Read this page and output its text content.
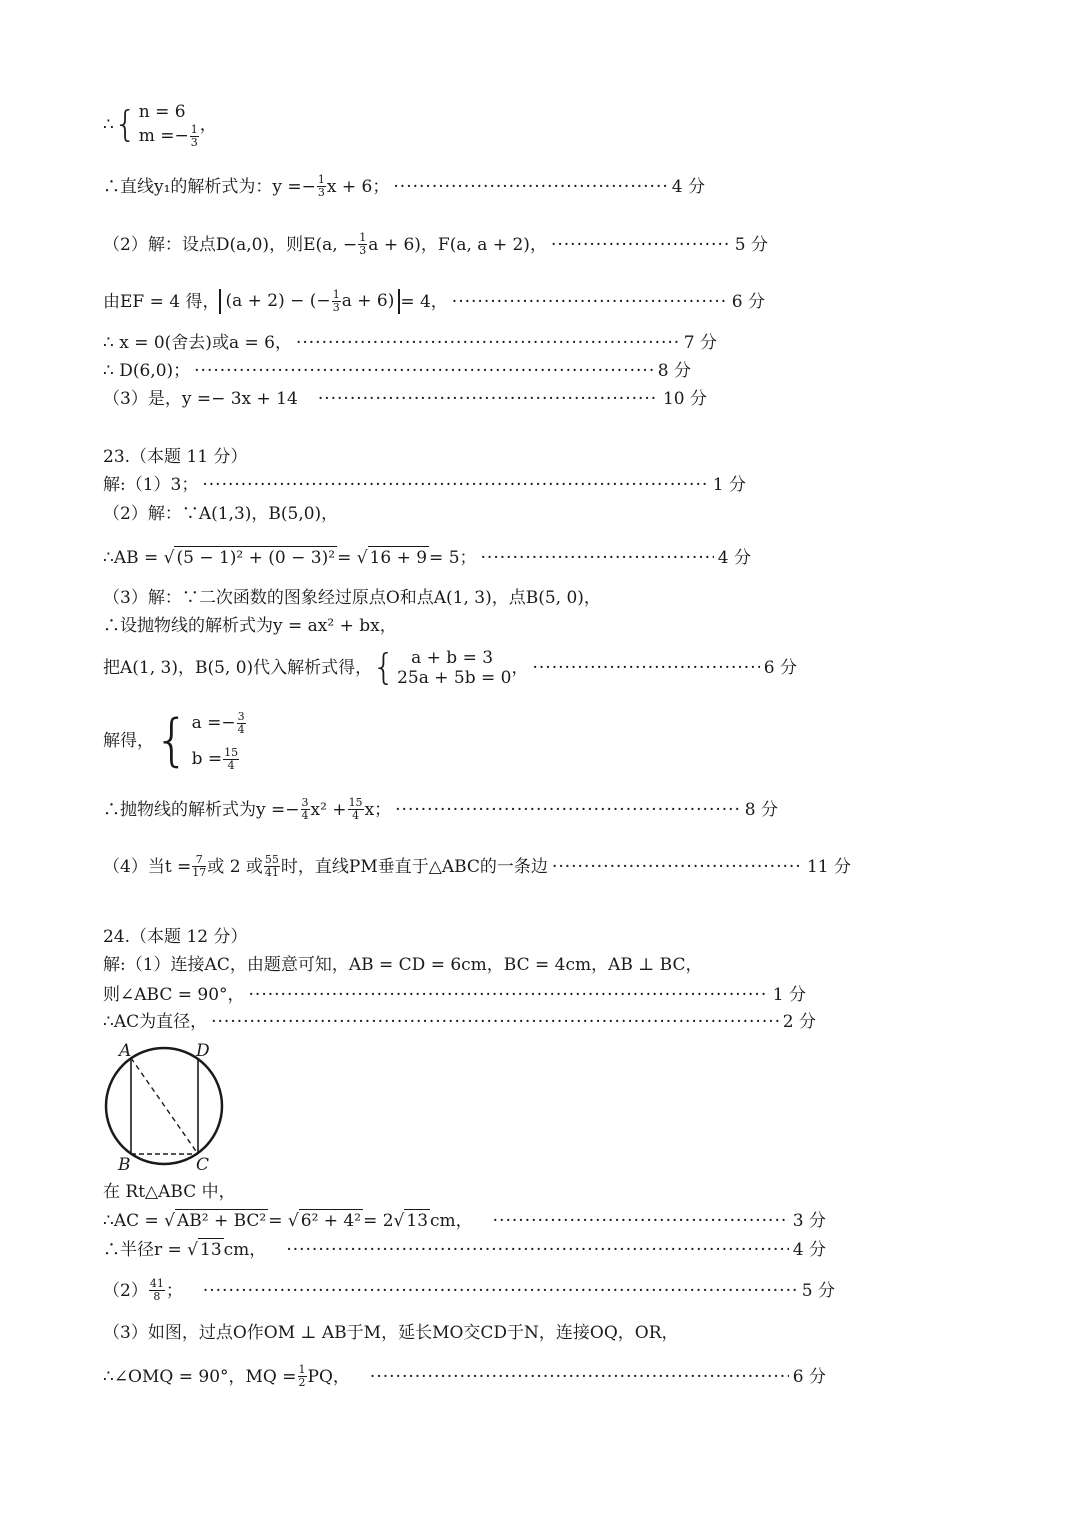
∴ { n = 6
$m =- \frac{1}{3}$ ，
∴直线y₁的解析式为：$y =- \frac{1}{3}$ x + 6； ·····	4 分
（2）解：设点D(a,0)，则E(a, − $\frac{1}{3}$ a + 6)，F(a, a + 2)， ·····	5 分
由EF = 4 得， (a + 2) − (− $\frac{1}{3}$ a + 6) = 4， ·····	6 分
∴ x = 0(舍去)或a = 6， ·····	7 分
∴ D(6,0)； ·····	8 分
（3）是，y =− 3x + 14 ·····	10 分
23.（本题 11 分）
解:（1）3； ·····	1 分
（2）解：∵A(1,3)，B(5,0)，
∴AB = √ (5 − 1)² + (0 − 3)² = √ 16 + 9 = 5； ·····	4 分
（3）解：∵二次函数的图象经过原点O和点A(1, 3)，点B(5, 0)，
∴设抛物线的解析式为y = ax² + bx，
把A(1, 3)，B(5, 0)代入解析式得， { a + b = 3
25a + 5b = 0 ， ·····	6 分
解得， { $a =- \frac{3}{4}$
$b = \frac{15}{4}$
∴抛物线的解析式为$y =- \frac{3}{4} x^2 + \frac{15}{4}$ x； ·····	8 分
（4）当$t = \frac{7}{17}$ 或 2 或 $\frac{55}{41}$ 时，直线PM垂直于△ABC的一条边 ·····	11 分
24.（本题 12 分）
解:（1）连接AC，由题意可知，AB = CD = 6cm，BC = 4cm，AB ⊥ BC，
则∠ABC = 90°， ·····	1 分
∴AC为直径， ·····	2 分
A	D
B	C
在 Rt△ABC 中，
∴AC = √ AB² + BC² = √ 6² + 4² = 2√ 13 cm， ·····	3 分
∴半径r = √ 13 cm， ·····	4 分
$(2) \frac{41}{8}$ ； ·····	5 分
（3）如图，过点O作OM ⊥ AB于M，延长MO交CD于N，连接OQ，OR，
∴∠OMQ = 90°，MQ = $\frac{1}{2}$ PQ， ·····	6 分
